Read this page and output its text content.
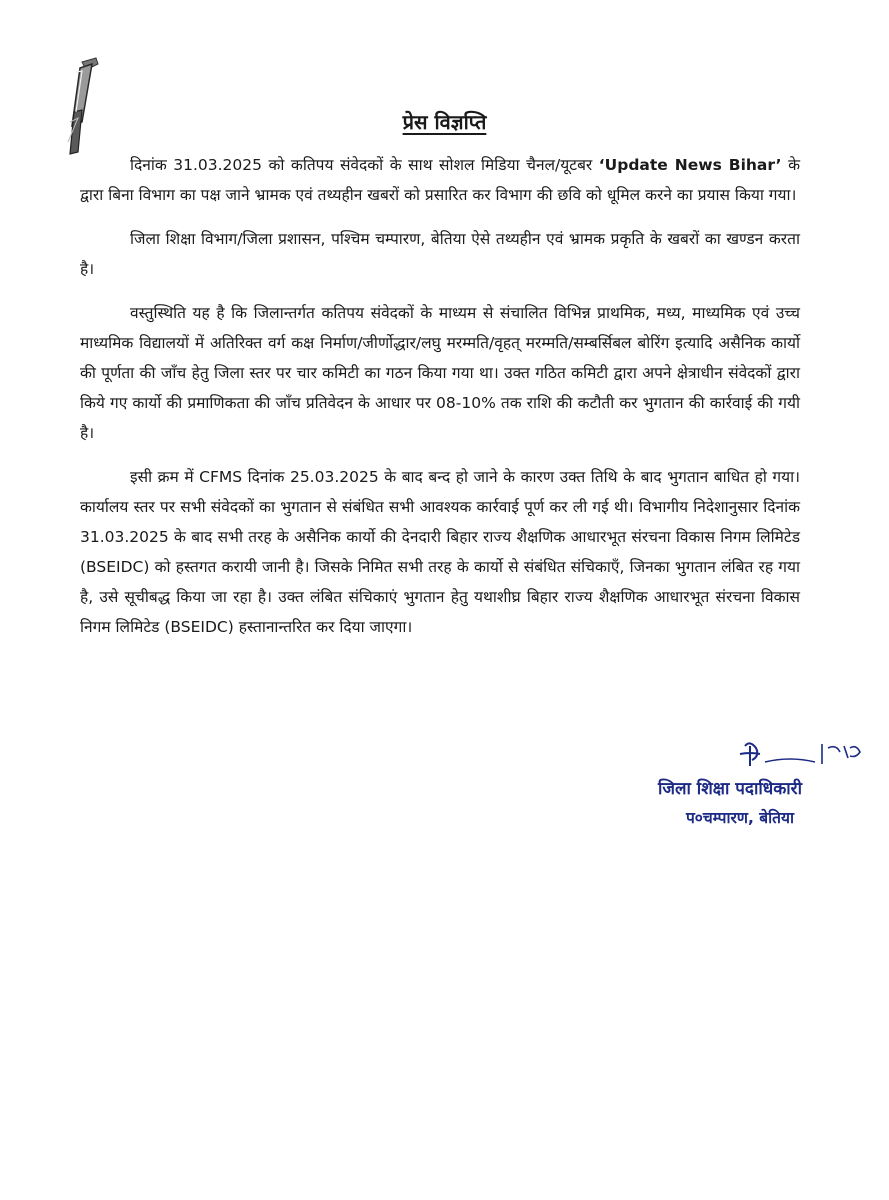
प्रेस विज्ञप्ति

दिनांक 31.03.2025 को कतिपय संवेदकों के साथ सोशल मिडिया चैनल/यूटबर ‘Update News Bihar’ के द्वारा बिना विभाग का पक्ष जाने भ्रामक एवं तथ्यहीन खबरों को प्रसारित कर विभाग की छवि को धूमिल करने का प्रयास किया गया।

जिला शिक्षा विभाग/जिला प्रशासन, पश्चिम चम्पारण, बेतिया ऐसे तथ्यहीन एवं भ्रामक प्रकृति के खबरों का खण्डन करता है।

वस्तुस्थिति यह है कि जिलान्तर्गत कतिपय संवेदकों के माध्यम से संचालित विभिन्न प्राथमिक, मध्य, माध्यमिक एवं उच्च माध्यमिक विद्यालयों में अतिरिक्त वर्ग कक्ष निर्माण/जीर्णोद्धार/लघु मरम्मति/वृहत् मरम्मति/सम्बर्सिबल बोरिंग इत्यादि असैनिक कार्यो की पूर्णता की जाँच हेतु जिला स्तर पर चार कमिटी का गठन किया गया था। उक्त गठित कमिटी द्वारा अपने क्षेत्राधीन संवेदकों द्वारा किये गए कार्यो की प्रमाणिकता की जाँच प्रतिवेदन के आधार पर 08-10% तक राशि की कटौती कर भुगतान की कार्रवाई की गयी है।

इसी क्रम में CFMS दिनांक 25.03.2025 के बाद बन्द हो जाने के कारण उक्त तिथि के बाद भुगतान बाधित हो गया। कार्यालय स्तर पर सभी संवेदकों का भुगतान से संबंधित सभी आवश्यक कार्रवाई पूर्ण कर ली गई थी। विभागीय निदेशानुसार दिनांक 31.03.2025 के बाद सभी तरह के असैनिक कार्यो की देनदारी बिहार राज्य शैक्षणिक आधारभूत संरचना विकास निगम लिमिटेड (BSEIDC) को हस्तगत करायी जानी है। जिसके निमित सभी तरह के कार्यो से संबंधित संचिकाएँ, जिनका भुगतान लंबित रह गया है, उसे सूचीबद्ध किया जा रहा है। उक्त लंबित संचिकाएं भुगतान हेतु यथाशीघ्र बिहार राज्य शैक्षणिक आधारभूत संरचना विकास निगम लिमिटेड (BSEIDC) हस्तानान्तरित कर दिया जाएगा।

जिला शिक्षा पदाधिकारी
प०चम्पारण, बेतिया
